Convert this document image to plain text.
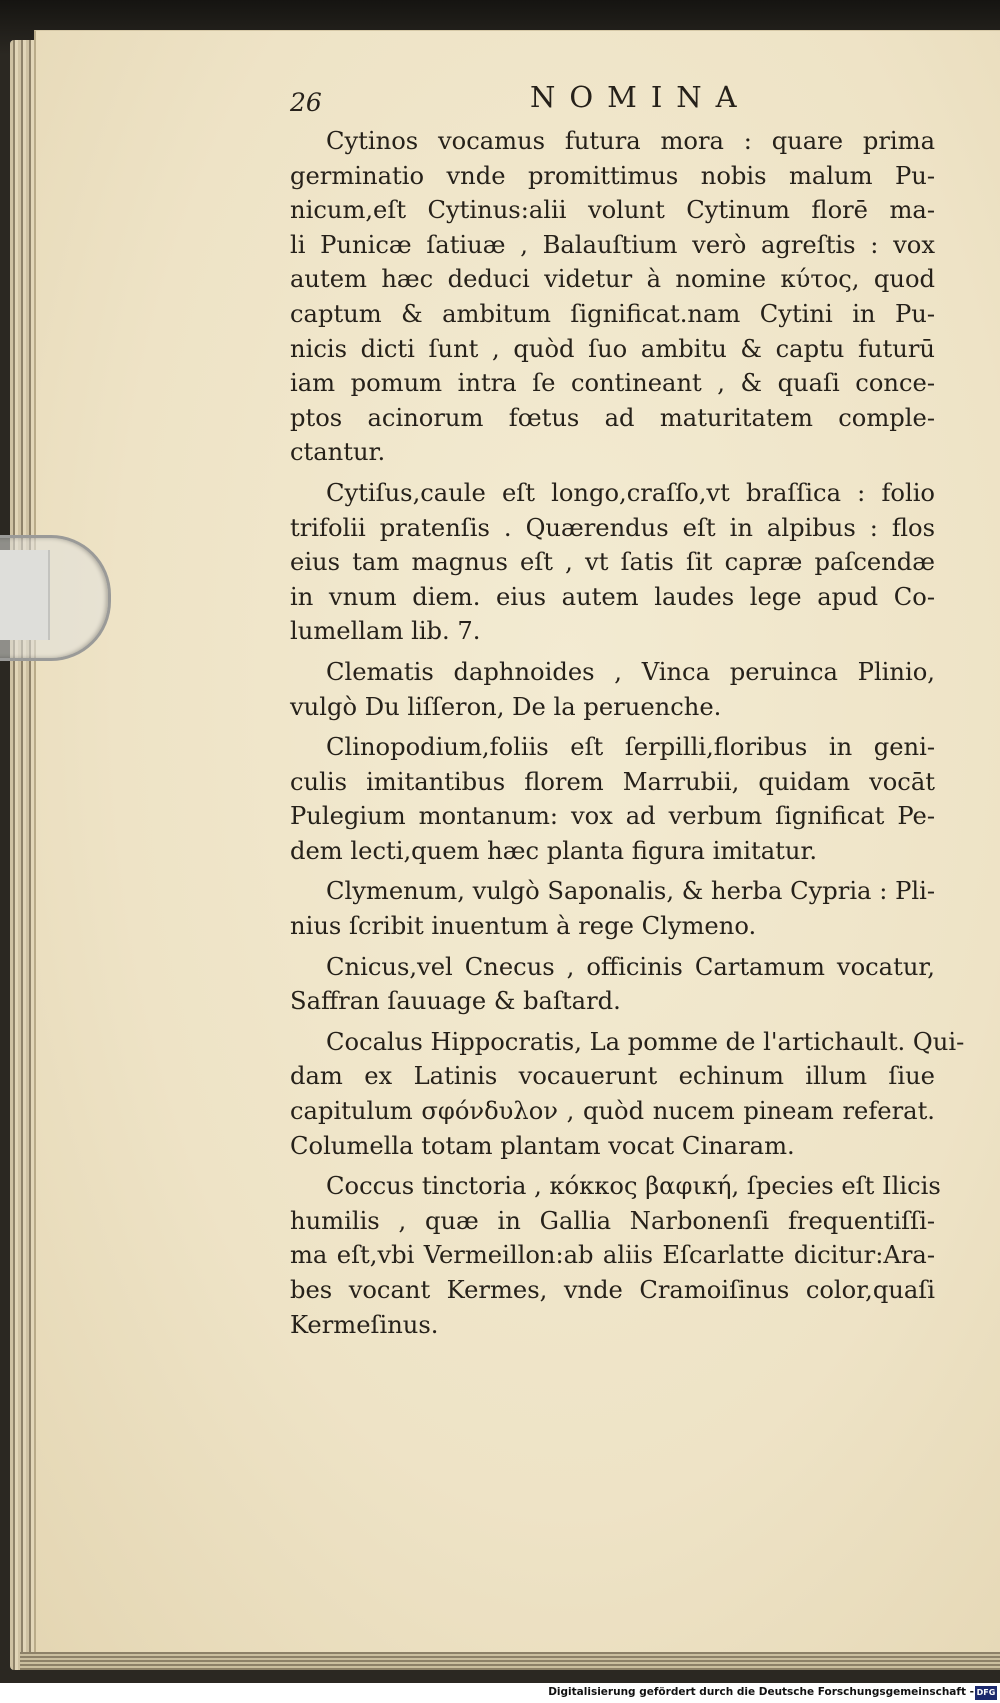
26	NOMINA
Cytinos vocamus futura mora : quare prima
germinatio vnde promittimus nobis malum Pu-
nicum,eſt Cytinus:alii volunt Cytinum florē ma-
li Punicæ ſatiuæ , Balauſtium verò agreſtis : vox
autem hæc deduci videtur à nomine κύτος, quod
captum & ambitum ſignificat.nam Cytini in Pu-
nicis dicti ſunt , quòd ſuo ambitu & captu futurū
iam pomum intra ſe contineant , & quaſi conce-
ptos acinorum fœtus ad maturitatem comple-
ctantur.
Cytiſus,caule eſt longo,craſſo,vt braſſica : folio
trifolii pratenſis . Quærendus eſt in alpibus : flos
eius tam magnus eſt , vt ſatis ſit capræ paſcendæ
in vnum diem. eius autem laudes lege apud Co-
lumellam lib. 7.
Clematis daphnoides , Vinca peruinca Plinio,
vulgò Du liſſeron, De la peruenche.
Clinopodium,foliis eſt ſerpilli,floribus in geni-
culis imitantibus florem Marrubii, quidam vocāt
Pulegium montanum: vox ad verbum ſignificat Pe-
dem lecti,quem hæc planta figura imitatur.
Clymenum, vulgò Saponalis, & herba Cypria : Pli-
nius ſcribit inuentum à rege Clymeno.
Cnicus,vel Cnecus , officinis Cartamum vocatur,
Saffran ſauuage & baſtard.
Cocalus Hippocratis, La pomme de l'artichault. Qui-
dam ex Latinis vocauerunt echinum illum ſiue
capitulum σφόνδυλον , quòd nucem pineam referat.
Columella totam plantam vocat Cinaram.
Coccus tinctoria , κόκκος βαφική, ſpecies eſt Ilicis
humilis , quæ in Gallia Narbonenſi frequentiſſi-
ma eſt,vbi Vermeillon:ab aliis Eſcarlatte dicitur:Ara-
bes vocant Kermes, vnde Cramoiſinus color,quaſi
Kermeſinus.
Digitalisierung gefördert durch die Deutsche Forschungsgemeinschaft - DFG
